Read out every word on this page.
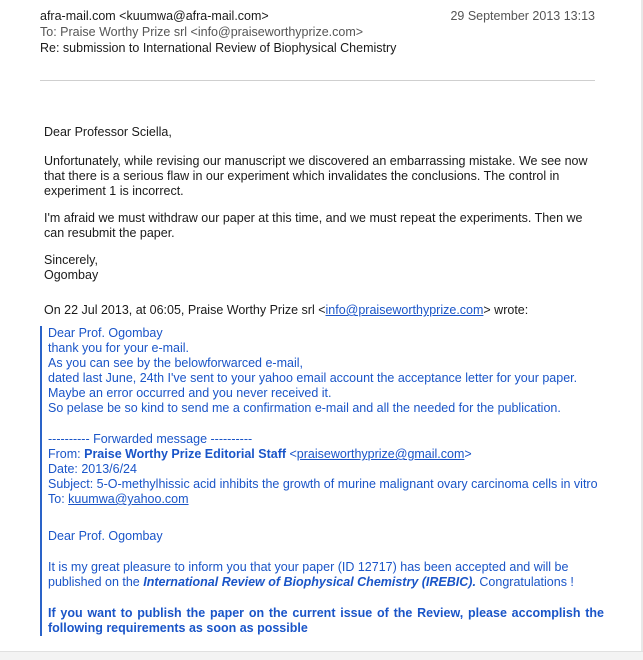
afra-mail.com <kuumwa@afra-mail.com>	29 September 2013 13:13
To: Praise Worthy Prize srl <info@praiseworthyprize.com>
Re: submission to International Review of Biophysical Chemistry
Dear Professor Sciella,
Unfortunately, while revising our manuscript we discovered an embarrassing mistake. We see now that there is a serious flaw in our experiment which invalidates the conclusions. The control in experiment 1 is incorrect.
I'm afraid we must withdraw our paper at this time, and we must repeat the experiments. Then we can resubmit the paper.
Sincerely,
Ogombay
On 22 Jul 2013, at 06:05, Praise Worthy Prize srl <info@praiseworthyprize.com> wrote:
Dear Prof. Ogombay
thank you for your e-mail.
As you can see by the belowforwarced e-mail,
dated last June, 24th I've sent to your yahoo email account the acceptance letter for your paper.
Maybe an error occurred and you never received it.
So pelase be so kind to send me a confirmation e-mail and all the needed for the publication.
---------- Forwarded message ----------
From: Praise Worthy Prize Editorial Staff <praiseworthyprize@gmail.com>
Date: 2013/6/24
Subject: 5-O-methylhissic acid inhibits the growth of murine malignant ovary carcinoma cells in vitro
To: kuumwa@yahoo.com
Dear Prof. Ogombay
It is my great pleasure to inform you that your paper (ID 12717) has been accepted and will be published on the International Review of Biophysical Chemistry (IREBIC). Congratulations !
If you want to publish the paper on the current issue of the Review, please accomplish the following requirements as soon as possible
